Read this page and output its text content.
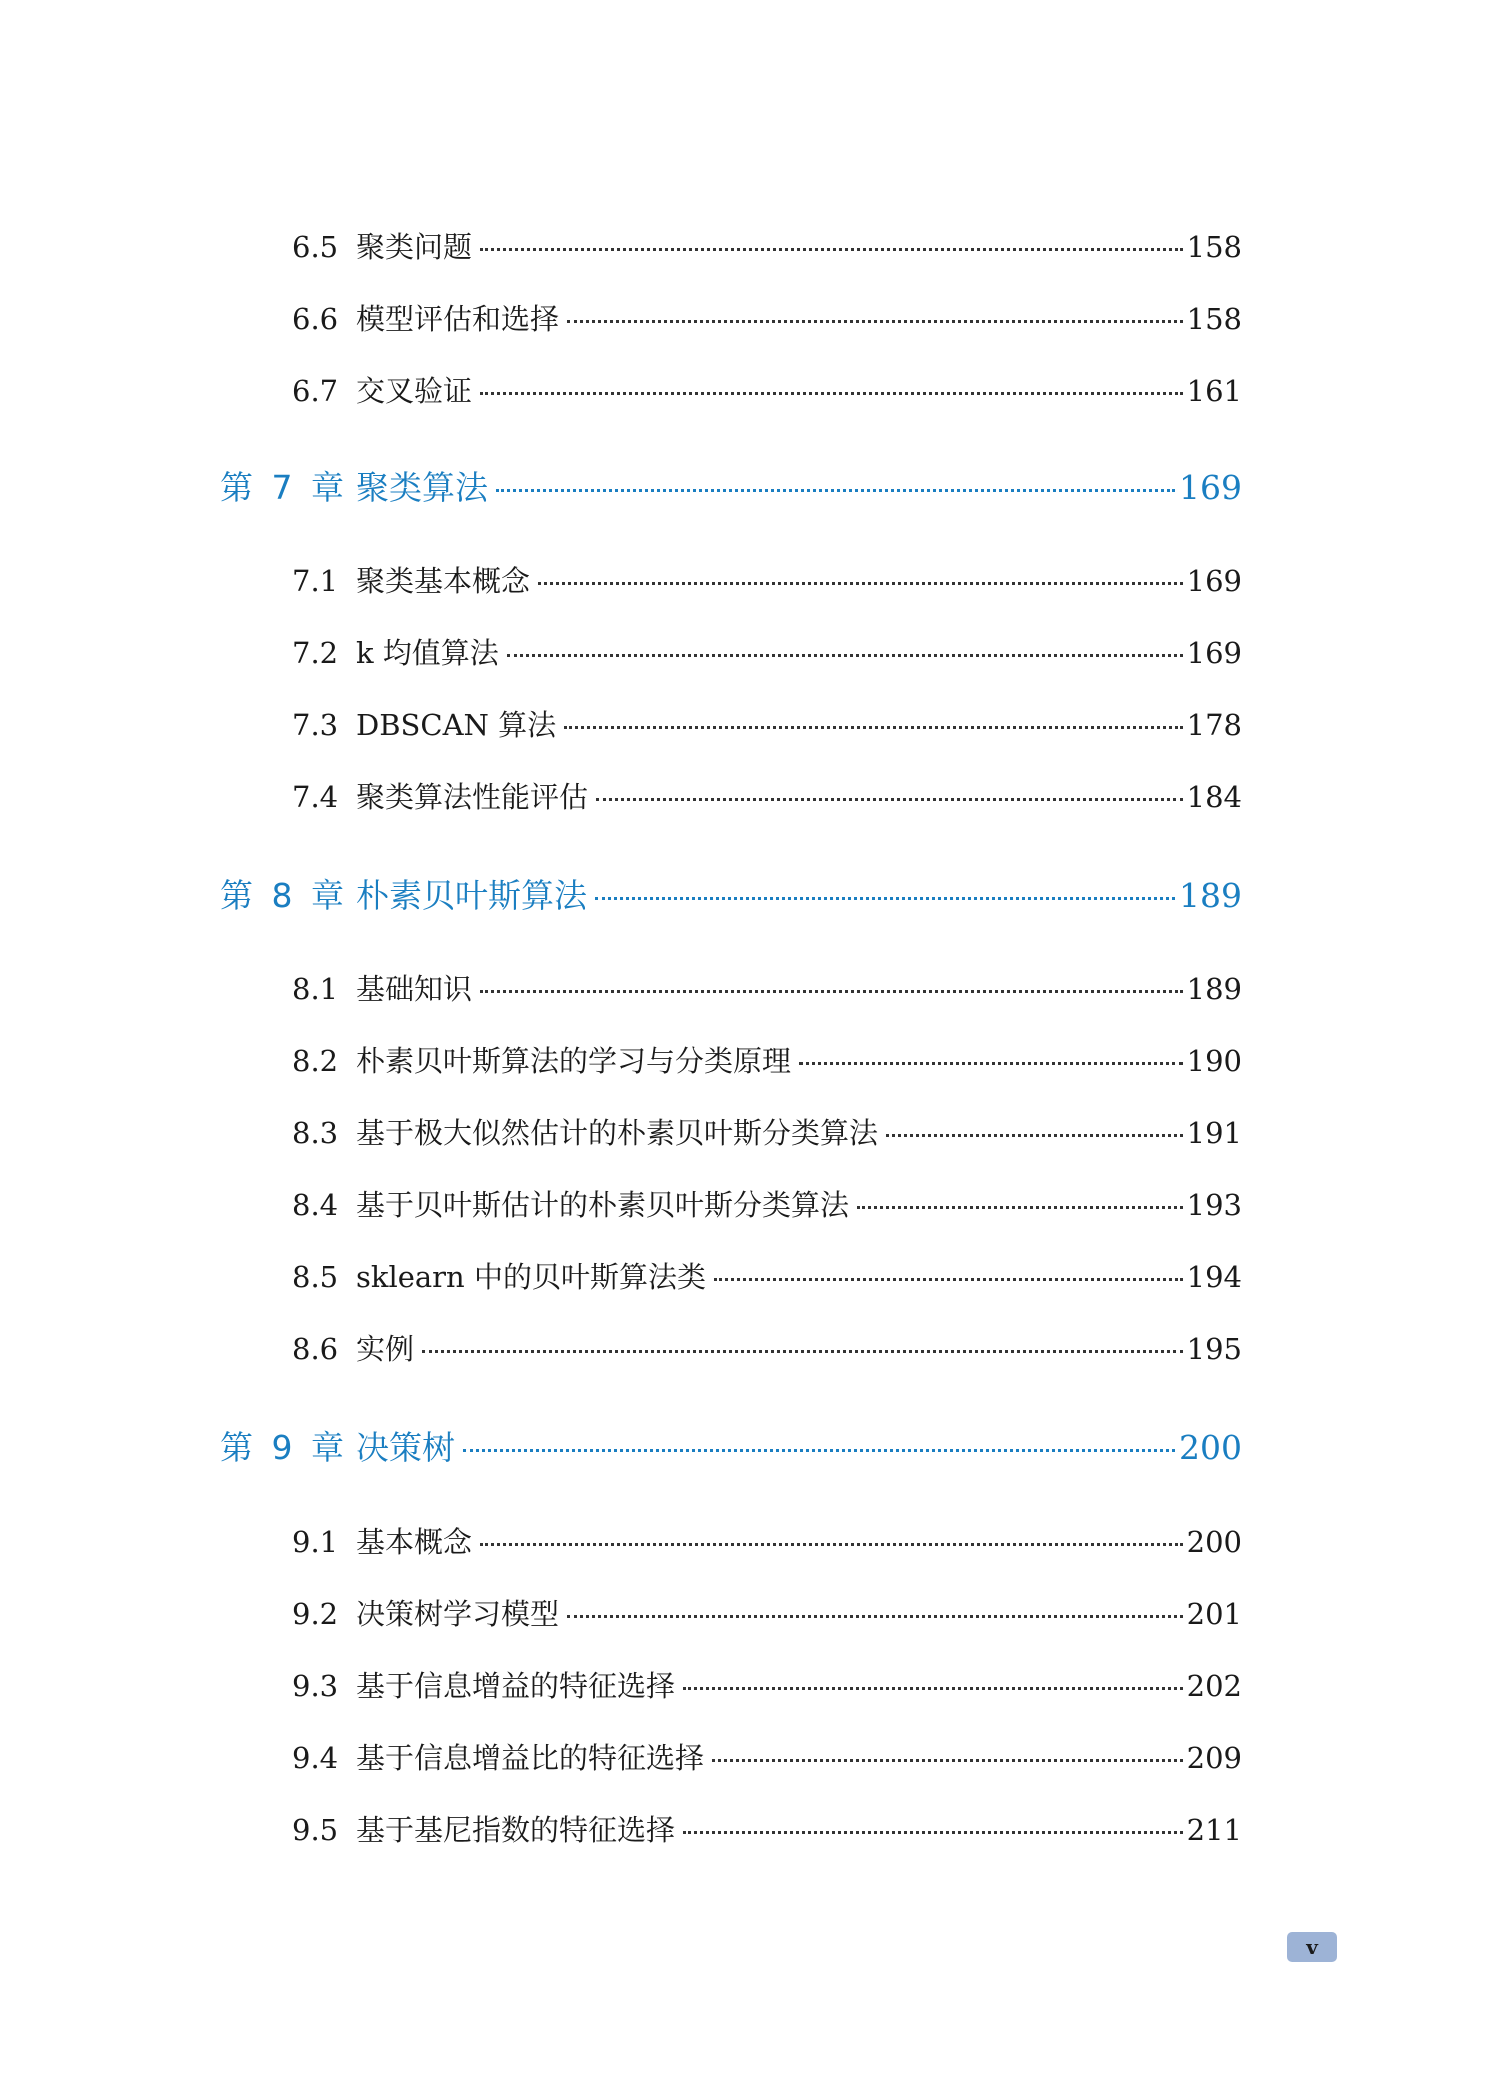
6.5 聚类问题	158
6.6 模型评估和选择	158
6.7 交叉验证	161
第 7 章 聚类算法	169
7.1 聚类基本概念	169
7.2 k 均值算法	169
7.3 DBSCAN 算法	178
7.4 聚类算法性能评估	184
第 8 章 朴素贝叶斯算法	189
8.1 基础知识	189
8.2 朴素贝叶斯算法的学习与分类原理	190
8.3 基于极大似然估计的朴素贝叶斯分类算法	191
8.4 基于贝叶斯估计的朴素贝叶斯分类算法	193
8.5 sklearn 中的贝叶斯算法类	194
8.6 实例	195
第 9 章 决策树	200
9.1 基本概念	200
9.2 决策树学习模型	201
9.3 基于信息增益的特征选择	202
9.4 基于信息增益比的特征选择	209
9.5 基于基尼指数的特征选择	211
v
